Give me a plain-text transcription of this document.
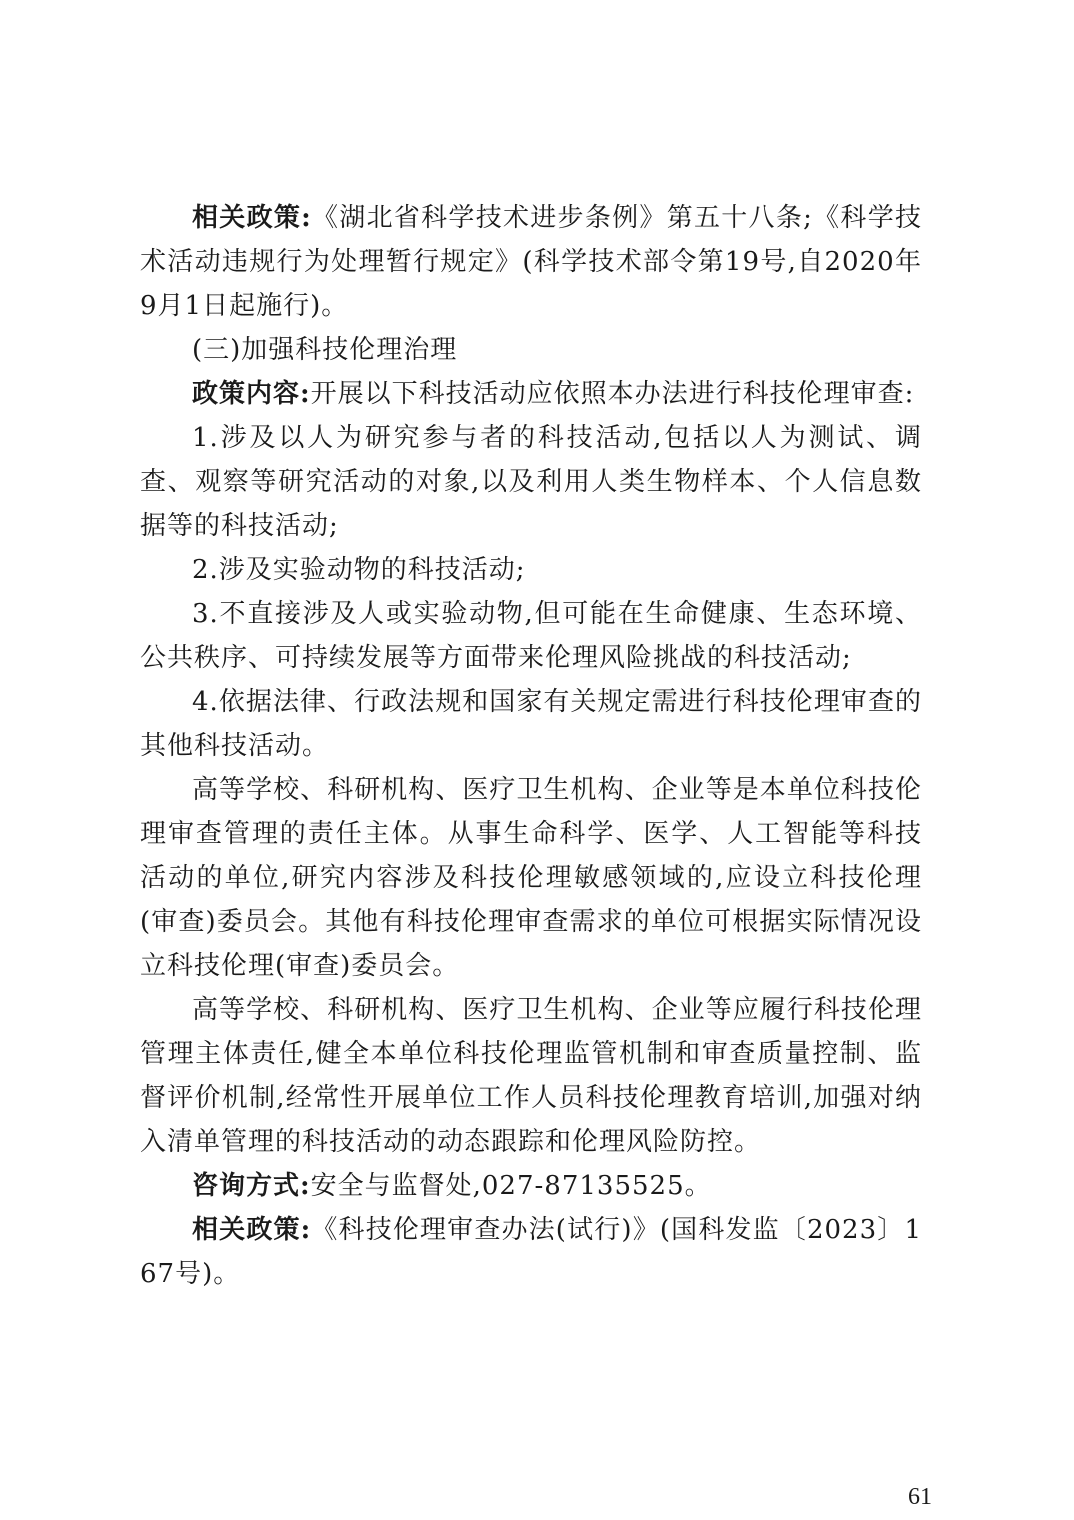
相关政策:《湖北省科学技术进步条例》第五十八条;《科学技术活动违规行为处理暂行规定》(科学技术部令第19号,自2020年9月1日起施行)。

(三)加强科技伦理治理

政策内容:开展以下科技活动应依照本办法进行科技伦理审查:

1.涉及以人为研究参与者的科技活动,包括以人为测试、调查、观察等研究活动的对象,以及利用人类生物样本、个人信息数据等的科技活动;

2.涉及实验动物的科技活动;

3.不直接涉及人或实验动物,但可能在生命健康、生态环境、公共秩序、可持续发展等方面带来伦理风险挑战的科技活动;

4.依据法律、行政法规和国家有关规定需进行科技伦理审查的其他科技活动。

高等学校、科研机构、医疗卫生机构、企业等是本单位科技伦理审查管理的责任主体。从事生命科学、医学、人工智能等科技活动的单位,研究内容涉及科技伦理敏感领域的,应设立科技伦理(审查)委员会。其他有科技伦理审查需求的单位可根据实际情况设立科技伦理(审查)委员会。

高等学校、科研机构、医疗卫生机构、企业等应履行科技伦理管理主体责任,健全本单位科技伦理监管机制和审查质量控制、监督评价机制,经常性开展单位工作人员科技伦理教育培训,加强对纳入清单管理的科技活动的动态跟踪和伦理风险防控。

咨询方式:安全与监督处,027-87135525。

相关政策:《科技伦理审查办法(试行)》(国科发监〔2023〕167号)。

61
